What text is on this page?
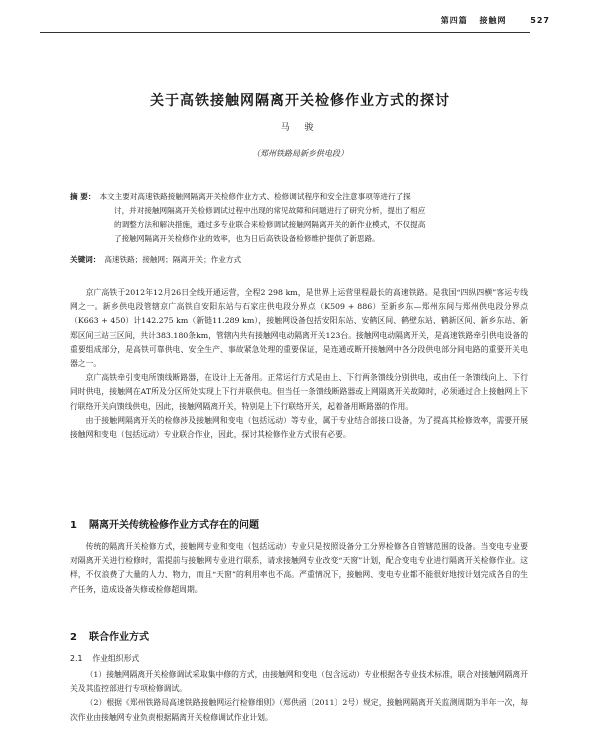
第四篇 接触网	527
关于高铁接触网隔离开关检修作业方式的探讨
马 骏
（郑州铁路局新乡供电段）
摘 要： 本文主要对高速铁路接触网隔离开关检修作业方式、检修调试程序和安全注意事项等进行了探
讨，并对接触网隔离开关检修调试过程中出现的常见故障和问题进行了研究分析，提出了相应
的调整方法和解决措施，通过多专业联合来检修调试接触网隔离开关的新作业模式，不仅提高
了接触网隔离开关检修作业的效率，也为日后高铁设备检修维护提供了新思路。
关键词： 高速铁路；接触网；隔离开关；作业方式

京广高铁于2012年12月26日全线开通运营，全程2 298 km，是世界上运营里程最长的高速铁路。是我国“四纵四横”客运专线网之一。新乡供电段管辖京广高铁自安阳东站与石家庄供电段分界点（K509 + 886）至新乡东—郑州东间与郑州供电段分界点（K663 + 450）计142.275 km（新链11.289 km），接触网设备包括安阳东站、安鹤区间、鹤壁东站、鹤新区间、新乡东站、新郑区间三站三区间，共计383.180条km，管辖内共有接触网电动隔离开关123台。接触网电动隔离开关，是高速铁路牵引供电设备的重要组成部分，是高铁可靠供电、安全生产、事故紧急处理的重要保证，是连通或断开接触网中各分段供电部分间电路的重要开关电器之一。

京广高铁牵引变电所馈线断路器，在设计上无备用。正常运行方式是由上、下行两条馈线分别供电，或由任一条馈线向上、下行同时供电，接触网在AT所及分区所处实现上下行并联供电。但当任一条馈线断路器或上网隔离开关故障时，必须通过合上接触网上下行联络开关向馈线供电，因此，接触网隔离开关，特别是上下行联络开关，起着备用断路器的作用。

由于接触网隔离开关的检修涉及接触网和变电（包括远动）等专业，属于专业结合部接口设备，为了提高其检修效率，需要开展接触网和变电（包括远动）专业联合作业，因此，探讨其检修作业方式很有必要。

1 隔离开关传统检修作业方式存在的问题

传统的隔离开关检修方式，接触网专业和变电（包括远动）专业只是按照设备分工分界检修各自管辖范围的设备。当变电专业要对隔离开关进行检修时，需提前与接触网专业进行联系，请求接触网专业改变“天窗”计划，配合变电专业进行隔离开关检修作业。这样，不仅浪费了大量的人力、物力，而且“天窗”的利用率也不高。严重情况下，接触网、变电专业都不能很好地按计划完成各自的生产任务，造成设备失修或检修超周期。

2 联合作业方式
2.1 作业组织形式

（1）接触网隔离开关检修调试采取集中修的方式，由接触网和变电（包含远动）专业根据各专业技术标准，联合对接触网隔离开关及其监控部进行专项检修调试。

（2）根据《郑州铁路局高速铁路接触网运行检修细则》（郑供函〔2011〕2号）规定，接触网隔离开关监测周期为半年一次，每次作业由接触网专业负责根据隔离开关检修调试作业计划。
